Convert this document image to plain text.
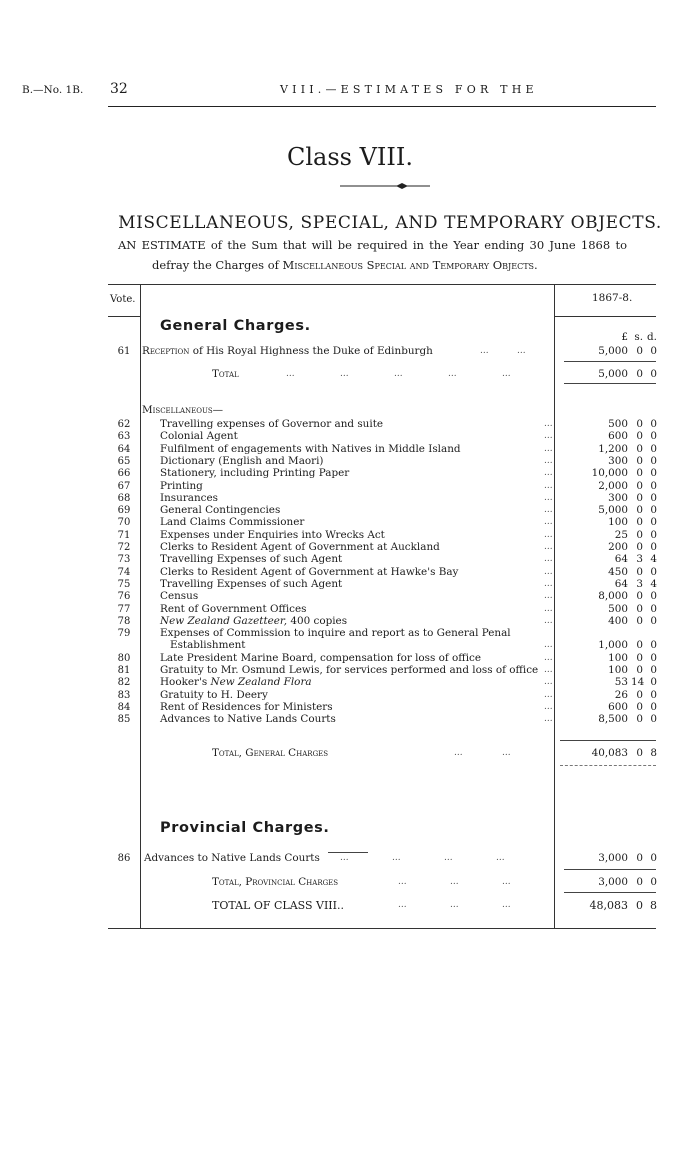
B.—No. 1B. 32	VIII.—ESTIMATES FOR THE
Class VIII.
MISCELLANEOUS, SPECIAL, AND TEMPORARY OBJECTS.
AN ESTIMATE of the Sum that will be required in the Year ending 30 June 1868 to
defray the Charges of Miscellaneous Special and Temporary Objects.
Vote.	1867-8.
General Charges.
£ s. d.
61	Reception of His Royal Highness the Duke of Edinburgh	...	...	5,000 0 0
Total	...	...	...	...	...	5,000 0 0
Miscellaneous—
62	Travelling expenses of Governor and suite	...	500 0 0
63	Colonial Agent	...	600 0 0
64	Fulfilment of engagements with Natives in Middle Island	...	1,200 0 0
65	Dictionary (English and Maori)	...	300 0 0
66	Stationery, including Printing Paper	...	10,000 0 0
67	Printing	...	2,000 0 0
68	Insurances	...	300 0 0
69	General Contingencies	...	5,000 0 0
70	Land Claims Commissioner	...	100 0 0
71	Expenses under Enquiries into Wrecks Act	...	25 0 0
72	Clerks to Resident Agent of Government at Auckland	...	200 0 0
73	Travelling Expenses of such Agent	...	64 3 4
74	Clerks to Resident Agent of Government at Hawke's Bay	...	450 0 0
75	Travelling Expenses of such Agent	...	64 3 4
76	Census	...	8,000 0 0
77	Rent of Government Offices	...	500 0 0
78	New Zealand Gazetteer, 400 copies	...	400 0 0
79	Expenses of Commission to inquire and report as to General Penal
Establishment	...	1,000 0 0
80	Late President Marine Board, compensation for loss of office	...	100 0 0
81	Gratuity to Mr. Osmund Lewis, for services performed and loss of office ...	100 0 0
82	Hooker's New Zealand Flora	...	53 14 0
83	Gratuity to H. Deery	...	26 0 0
84	Rent of Residences for Ministers	...	600 0 0
85	Advances to Native Lands Courts	...	8,500 0 0
Total, General Charges	...	...	40,083 0 8
Provincial Charges.
86	Advances to Native Lands Courts ...	...	...	...	3,000 0 0
Total, Provincial Charges	...	...	...	3,000 0 0
TOTAL OF CLASS VIII..	...	...	...	48,083 0 8
